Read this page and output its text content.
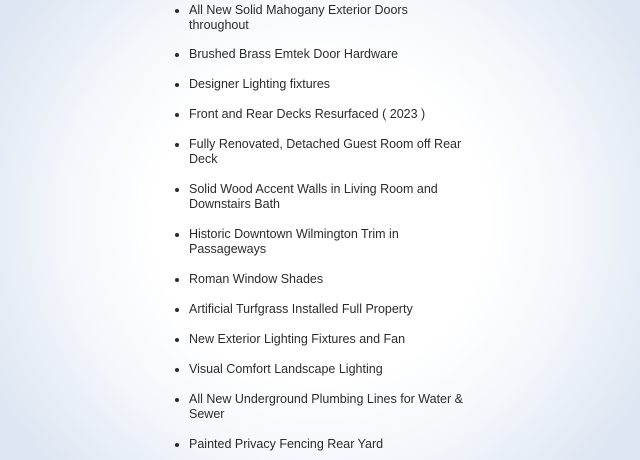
All New Solid Mahogany Exterior Doors throughout
Brushed Brass Emtek Door Hardware
Designer Lighting fixtures
Front and Rear Decks Resurfaced ( 2023 )
Fully Renovated, Detached Guest Room off Rear Deck
Solid Wood Accent Walls in Living Room and Downstairs Bath
Historic Downtown Wilmington Trim in Passageways
Roman Window Shades
Artificial Turfgrass Installed Full Property
New Exterior Lighting Fixtures and Fan
Visual Comfort Landscape Lighting
All New Underground Plumbing Lines for Water & Sewer
Painted Privacy Fencing Rear Yard
